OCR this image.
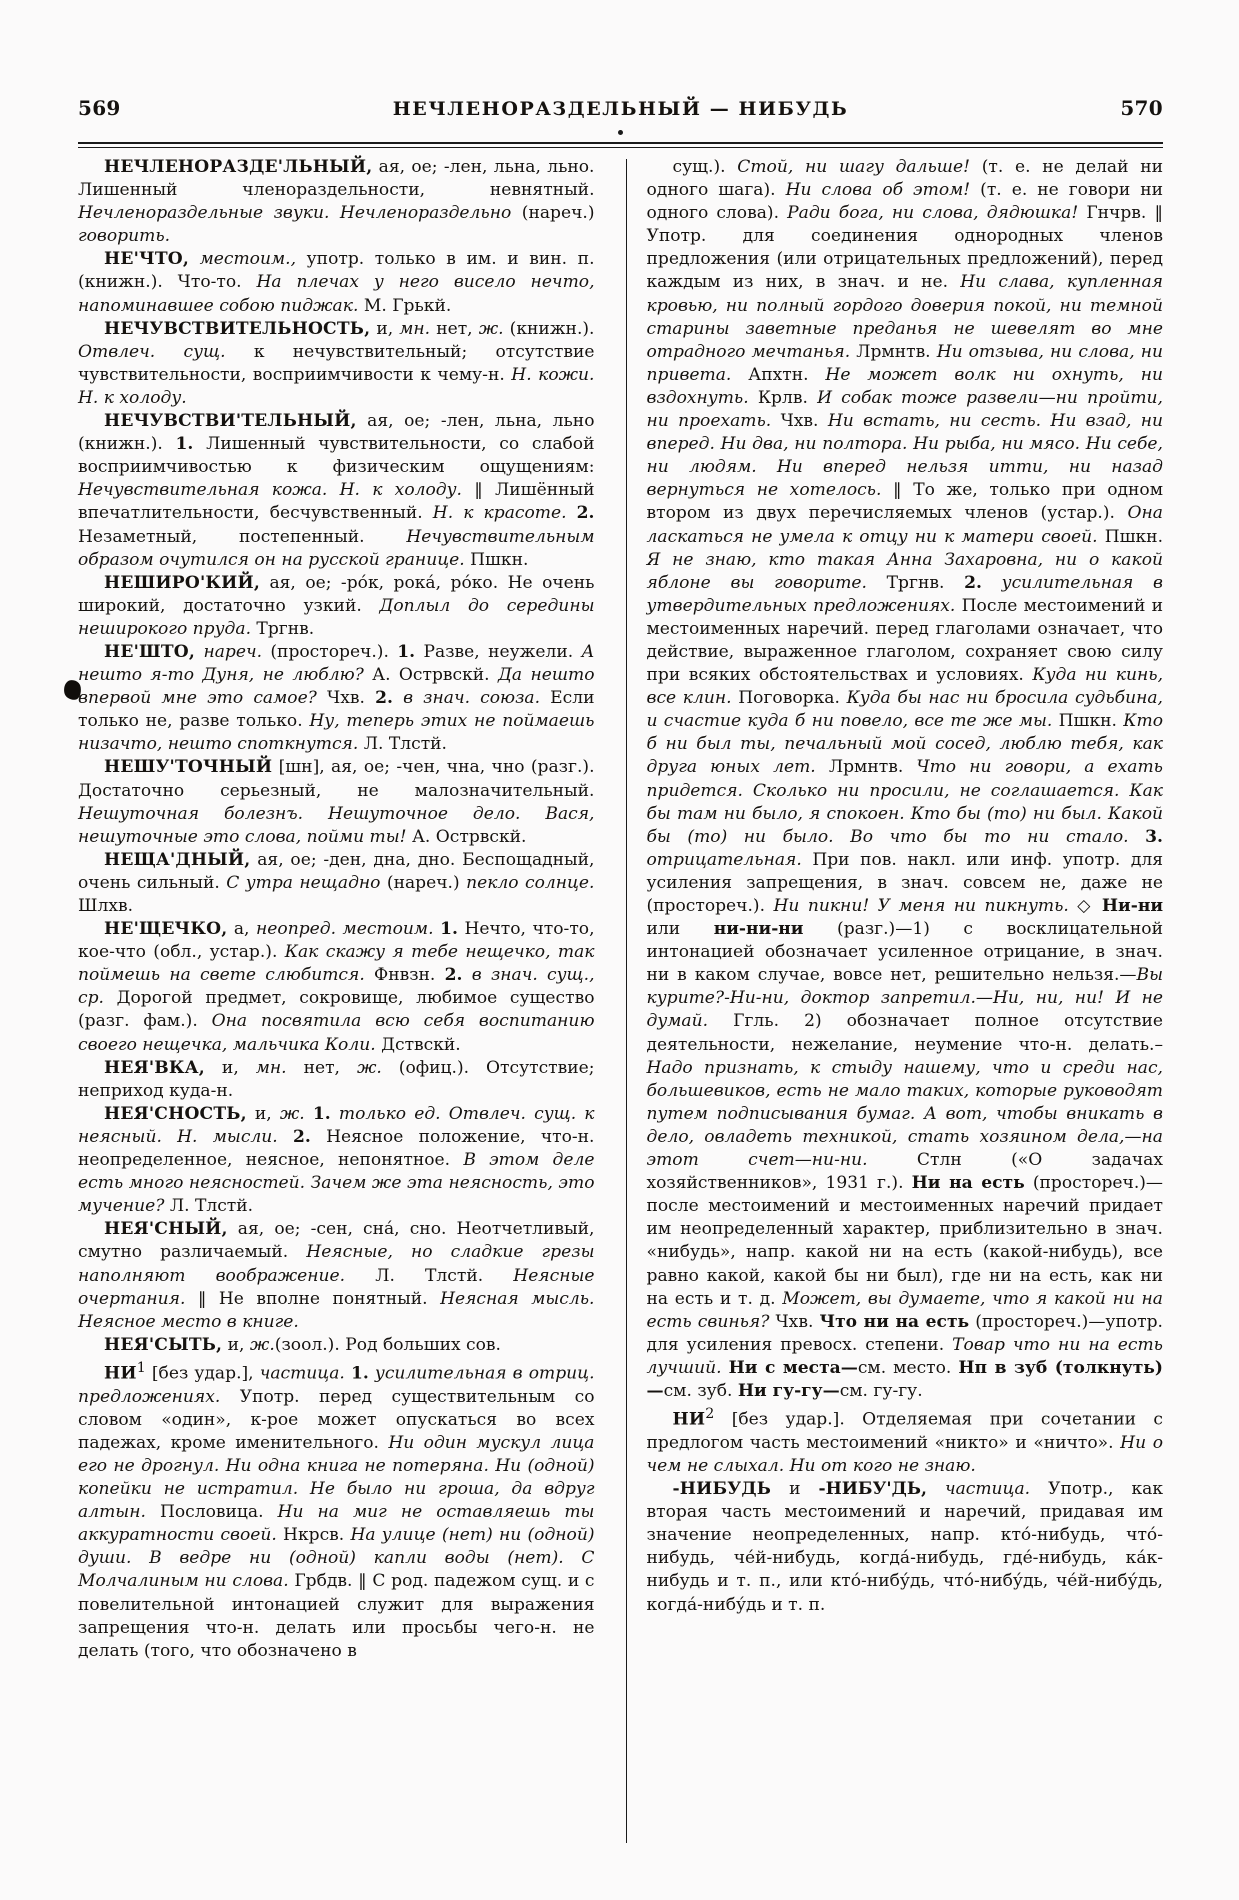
569	НЕЧЛЕНОРАЗДЕЛЬНЫЙ — НИБУДЬ	570

НЕЧЛЕНОРАЗДЕ'ЛЬНЫЙ, ая, ое; -лен, льна, льно. Лишенный членораздельности, невнятный. Нечленораздельные звуки. Нечленораздельно (нареч.) говорить.

НЕ'ЧТО, местоим., употр. только в им. и вин. п. (книжн.). Что-то. На плечах у него висело нечто, напоминавшее собою пиджак. М. Грькй.

НЕЧУВСТВИТЕЛЬНОСТЬ, и, мн. нет, ж. (книжн.). Отвлеч. сущ. к нечувствительный; отсутствие чувствительности, восприимчивости к чему-н. Н. кожи. Н. к холоду.

НЕЧУВСТВИ'ТЕЛЬНЫЙ, ая, ое; -лен, льна, льно (книжн.). 1. Лишенный чувствительности, со слабой восприимчивостью к физическим ощущениям: Нечувствительная кожа. Н. к холоду. ‖ Лишённый впечатлительности, бесчувственный. Н. к красоте. 2. Незаметный, постепенный. Нечувствительным образом очутился он на русской границе. Пшкн.

НЕШИРО'КИЙ, ая, ое; -ро́к, рока́, ро́ко. Не очень широкий, достаточно узкий. Доплыл до середины неширокого пруда. Тргнв.

НЕ'ШТО, нареч. (простореч.). 1. Разве, неужели. А нешто я-то Дуня, не люблю? А. Острвскй. Да нешто впервой мне это самое? Чхв. 2. в знач. союза. Если только не, разве только. Ну, теперь этих не поймаешь низачто, нешто споткнутся. Л. Тлстй.

НЕШУ'ТОЧНЫЙ [шн], ая, ое; -чен, чна, чно (разг.). Достаточно серьезный, не малозначительный. Нешуточная болезнъ. Нешуточное дело. Вася, нешуточные это слова, пойми ты! А. Острвскй.

НЕЩА'ДНЫЙ, ая, ое; -ден, дна, дно. Беспощадный, очень сильный. С утра нещадно (нареч.) пекло солнце. Шлхв.

НЕ'ЩЕЧКО, а, неопред. местоим. 1. Нечто, что-то, кое-что (обл., устар.). Как скажу я тебе нещечко, так поймешь на свете слюбится. Фнвзн. 2. в знач. сущ., ср. Дорогой предмет, сокровище, любимое существо (разг. фам.). Она посвятила всю себя воспитанию своего нещечка, мальчика Коли. Дствскй.

НЕЯ'ВКА, и, мн. нет, ж. (офиц.). Отсутствие; неприход куда-н.

НЕЯ'СНОСТЬ, и, ж. 1. только ед. Отвлеч. сущ. к неясный. Н. мысли. 2. Неясное положение, что-н. неопределенное, неясное, непонятное. В этом деле есть много неясностей. Зачем же эта неясность, это мучение? Л. Тлстй.

НЕЯ'СНЫЙ, ая, ое; -сен, сна́, сно. Неотчетливый, смутно различаемый. Неясные, но сладкие грезы наполняют воображение. Л. Тлстй. Неясные очертания. ‖ Не вполне понятный. Неясная мысль. Неясное место в книге.

НЕЯ'СЫТЬ, и, ж.(зоол.). Род больших сов.

$НИ^1$ [без удар.], частица. 1. усилительная в отриц. предложениях. Употр. перед существительным со словом «один», к-рое может опускаться во всех падежах, кроме именительного. Ни один мускул лица его не дрогнул. Ни одна книга не потеряна. Ни (одной) копейки не истратил. Не было ни гроша, да вдруг алтын. Пословица. Ни на миг не оставляешь ты аккуратности своей. Нкрсв. На улице (нет) ни (одной) души. В ведре ни (одной) капли воды (нет). С Молчалиным ни слова. Грбдв. ‖ С род. падежом сущ. и с повелительной интонацией служит для выражения запрещения что-н. делать или просьбы чего-н. не делать (того, что обозначено в

сущ.). Стой, ни шагу дальше! (т. е. не делай ни одного шага). Ни слова об этом! (т. е. не говори ни одного слова). Ради бога, ни слова, дядюшка! Гнчрв. ‖ Употр. для соединения однородных членов предложения (или отрицательных предложений), перед каждым из них, в знач. и не. Ни слава, купленная кровью, ни полный гордого доверия покой, ни темной старины заветные преданья не шевелят во мне отрадного мечтанья. Лрмнтв. Ни отзыва, ни слова, ни привета. Апхтн. Не может волк ни охнуть, ни вздохнуть. Крлв. И собак тоже развели—ни пройти, ни проехать. Чхв. Ни встать, ни сесть. Ни взад, ни вперед. Ни два, ни полтора. Ни рыба, ни мясо. Ни себе, ни людям. Ни вперед нельзя итти, ни назад вернуться не хотелось. ‖ То же, только при одном втором из двух перечисляемых членов (устар.). Она ласкаться не умела к отцу ни к матери своей. Пшкн. Я не знаю, кто такая Анна Захаровна, ни о какой яблоне вы говорите. Тргнв. 2. усилительная в утвердительных предложениях. После местоимений и местоименных наречий. перед глаголами означает, что действие, выраженное глаголом, сохраняет свою силу при всяких обстоятельствах и условиях. Куда ни кинь, все клин. Поговорка. Куда бы нас ни бросила судьбина, и счастие куда б ни повело, все те же мы. Пшкн. Кто б ни был ты, печальный мой сосед, люблю тебя, как друга юных лет. Лрмнтв. Что ни говори, а ехать придется. Сколько ни просили, не соглашается. Как бы там ни было, я спокоен. Кто бы (то) ни был. Какой бы (то) ни было. Во что бы то ни стало. 3. отрицательная. При пов. накл. или инф. употр. для усиления запрещения, в знач. совсем не, даже не (простореч.). Ни пикни! У меня ни пикнуть. ◇ Ни-ни или ни-ни-ни (разг.)—1) с восклицательной интонацией обозначает усиленное отрицание, в знач. ни в каком случае, вовсе нет, решительно нельзя.—Вы курите?-Ни-ни, доктор запретил.—Ни, ни, ни! И не думай. Ггль. 2) обозначает полное отсутствие деятельности, нежелание, неумение что-н. делать.– Надо признать, к стыду нашему, что и среди нас, большевиков, есть не мало таких, которые руководят путем подписывания бумаг. А вот, чтобы вникать в дело, овладеть техникой, стать хозяином дела,—на этот счет—ни-ни. Стлн («О задачах хозяйственников», 1931 г.). Ни на есть (простореч.)—после местоимений и местоименных наречий придает им неопределенный характер, приблизительно в знач. «нибудь», напр. какой ни на есть (какой-нибудь), все равно какой, какой бы ни был), где ни на есть, как ни на есть и т. д. Может, вы думаете, что я какой ни на есть свинья? Чхв. Что ни на есть (простореч.)—употр. для усиления превосх. степени. Товар что ни на есть лучший. Ни с места—см. место. Нп в зуб (толкнуть)—см. зуб. Ни гу-гу—см. гу-гу.

$НИ^2$ [без удар.]. Отделяемая при сочетании с предлогом часть местоимений «никто» и «ничто». Ни о чем не слыхал. Ни от кого не знаю.

-НИБУДЬ и -НИБУ'ДЬ, частица. Употр., как вторая часть местоимений и наречий, придавая им значение неопределенных, напр. кто́-нибудь, что́-нибудь, че́й-нибудь, когда́-нибудь, где́-нибудь, ка́к-нибудь и т. п., или кто́-нибу́дь, что́-нибу́дь, че́й-нибу́дь, когда́-нибу́дь и т. п.
